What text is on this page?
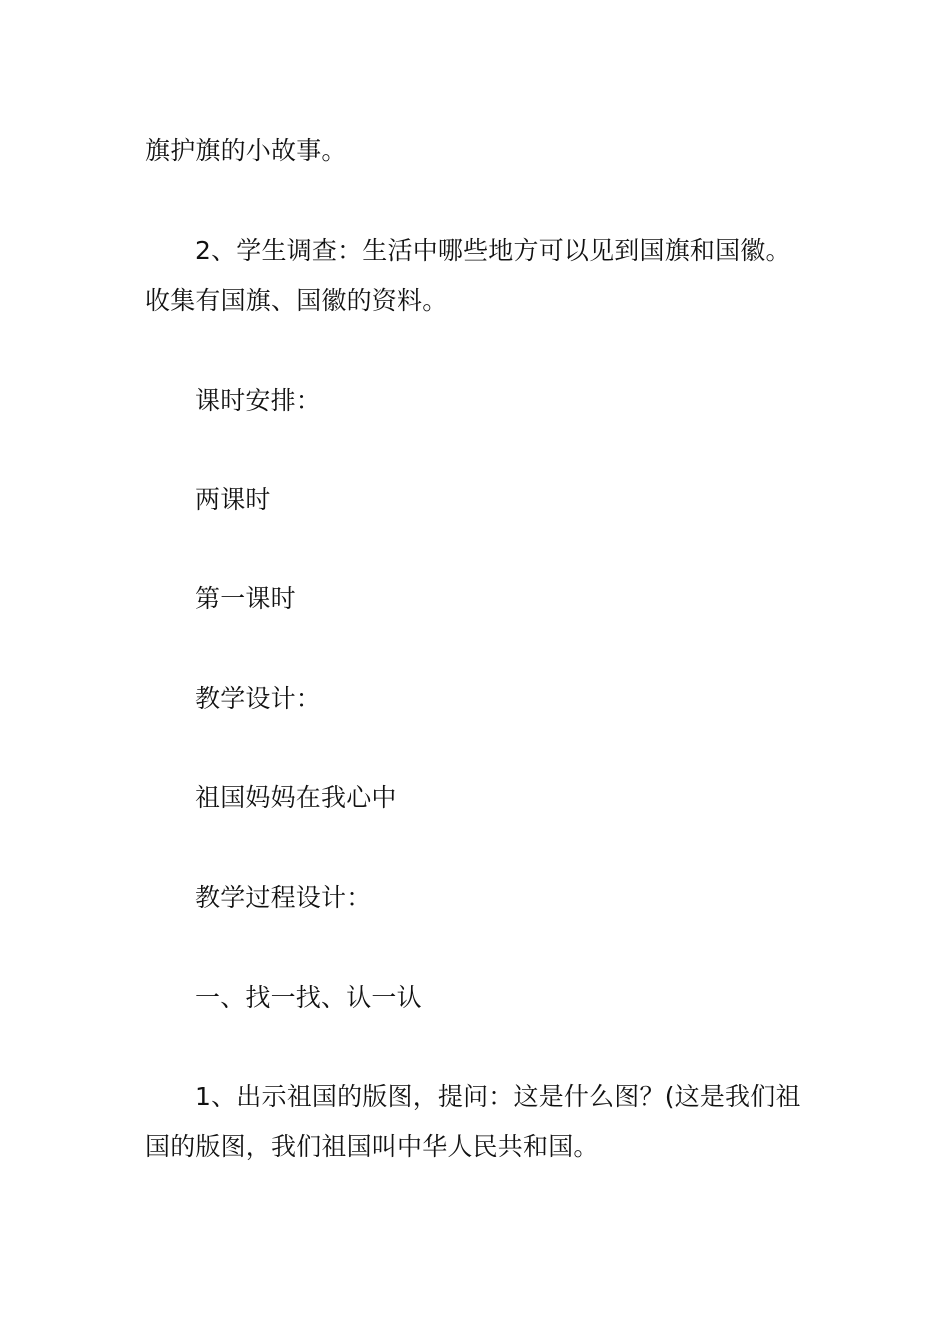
旗护旗的小故事。
2、学生调查：生活中哪些地方可以见到国旗和国徽。
收集有国旗、国徽的资料。
课时安排：
两课时
第一课时
教学设计：
祖国妈妈在我心中
教学过程设计：
一、找一找、认一认
1、出示祖国的版图，提问：这是什么图？(这是我们祖
国的版图，我们祖国叫中华人民共和国。
